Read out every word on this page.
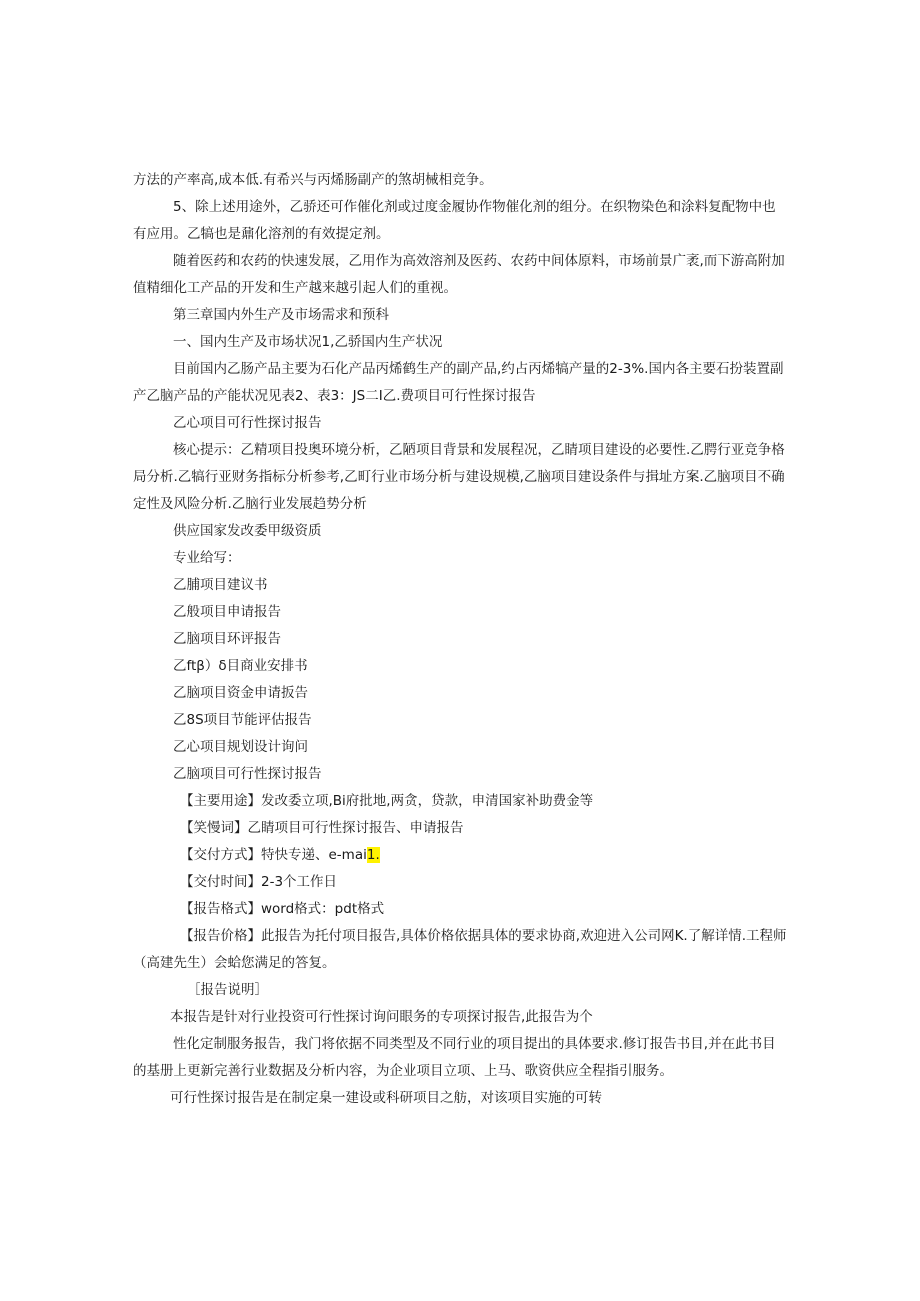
方法的产率高,成本低.有希兴与丙烯肠副产的煞胡械相竞争。

5、除上述用途外，乙骄还可作催化剂或过度金履协作物催化剂的组分。在织物染色和涂料复配物中也有应用。乙犒也是鼐化溶剂的有效提定剂。

随着医药和农药的快速发展，乙用作为高效溶剂及医药、农药中间体原料，市场前景广袤,而下游高附加值精细化工产品的开发和生产越来越引起人们的重视。

第三章国内外生产及市场需求和预科

一、国内生产及市场状况1,乙骄国内生产状况

目前国内乙肠产品主要为石化产品丙烯鹤生产的副产品,约占丙烯犒产量的2-3%.国内各主要石扮装置副产乙脑产品的产能状况见表2、表3：JS二I乙.费项目可行性探讨报告

乙心项目可行性探讨报告

核心提示：乙精项目投奥环境分析，乙陋项目背景和发展程况，乙睛项目建设的必要性.乙腭行亚竞争格局分析.乙犒行亚财务指标分析参考,乙町行业市场分析与建设规模,乙脑项目建设条件与揖址方案.乙脑项目不确定性及风险分析.乙脑行业发展趋势分析

供应国家发改委甲级资质

专业给写：

乙脯项目建议书

乙般项目申请报告

乙脑项目环评报告

乙ftβ）δ目商业安排书

乙脑项目资金申请扳告

乙8S项目节能评估报告

乙心项目规划设计询问

乙脑项目可行性探讨报告

【主要用途】发改委立项,Bi府批地,两贪，贷款，申清国家补助费金等

【笑慢词】乙睛项目可行性探讨报告、申请报告

【交付方式】特快专递、e-mai1.

【交付时间】2-3个工作日

【报告格式】word格式：pdt格式

【报告价格】此报告为托付项目报告,具体价格依据具体的要求协商,欢迎进入公司网K.了解详情.工程师（高建先生）会蛤您满足的答复。

［报告说明］

本报告是针对行业投资可行性探讨询问眼务的专项探讨报告,此报告为个

性化定制服务报告，我门将依据不同类型及不同行业的项目提出的具体要求.修订报告书目,并在此书目的基册上更新完善行业数据及分析内容，为企业项目立项、上马、歌资供应全程指引服务。

可行性探讨报告是在制定臬一建设或科研项目之舫，对该项目实施的可转
